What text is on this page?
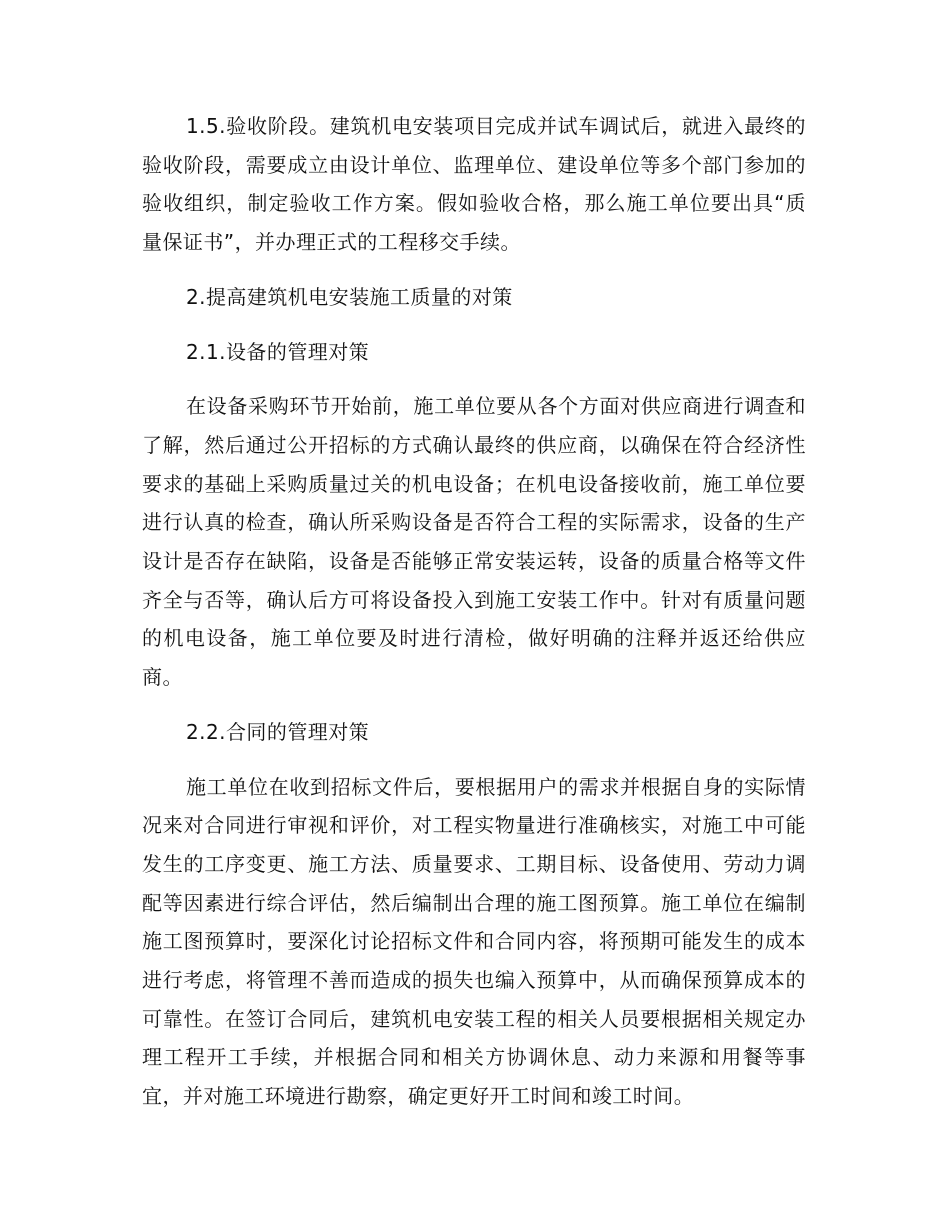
1.5.验收阶段。建筑机电安装项目完成并试车调试后，就进入最终的验收阶段，需要成立由设计单位、监理单位、建设单位等多个部门参加的验收组织，制定验收工作方案。假如验收合格，那么施工单位要出具“质量保证书”，并办理正式的工程移交手续。

2.提高建筑机电安装施工质量的对策

2.1.设备的管理对策

在设备采购环节开始前，施工单位要从各个方面对供应商进行调查和了解，然后通过公开招标的方式确认最终的供应商，以确保在符合经济性要求的基础上采购质量过关的机电设备；在机电设备接收前，施工单位要进行认真的检查，确认所采购设备是否符合工程的实际需求，设备的生产设计是否存在缺陷，设备是否能够正常安装运转，设备的质量合格等文件齐全与否等，确认后方可将设备投入到施工安装工作中。针对有质量问题的机电设备，施工单位要及时进行清检，做好明确的注释并返还给供应商。

2.2.合同的管理对策

施工单位在收到招标文件后，要根据用户的需求并根据自身的实际情况来对合同进行审视和评价，对工程实物量进行准确核实，对施工中可能发生的工序变更、施工方法、质量要求、工期目标、设备使用、劳动力调配等因素进行综合评估，然后编制出合理的施工图预算。施工单位在编制施工图预算时，要深化讨论招标文件和合同内容，将预期可能发生的成本进行考虑，将管理不善而造成的损失也编入预算中，从而确保预算成本的可靠性。在签订合同后，建筑机电安装工程的相关人员要根据相关规定办理工程开工手续，并根据合同和相关方协调休息、动力来源和用餐等事宜，并对施工环境进行勘察，确定更好开工时间和竣工时间。
